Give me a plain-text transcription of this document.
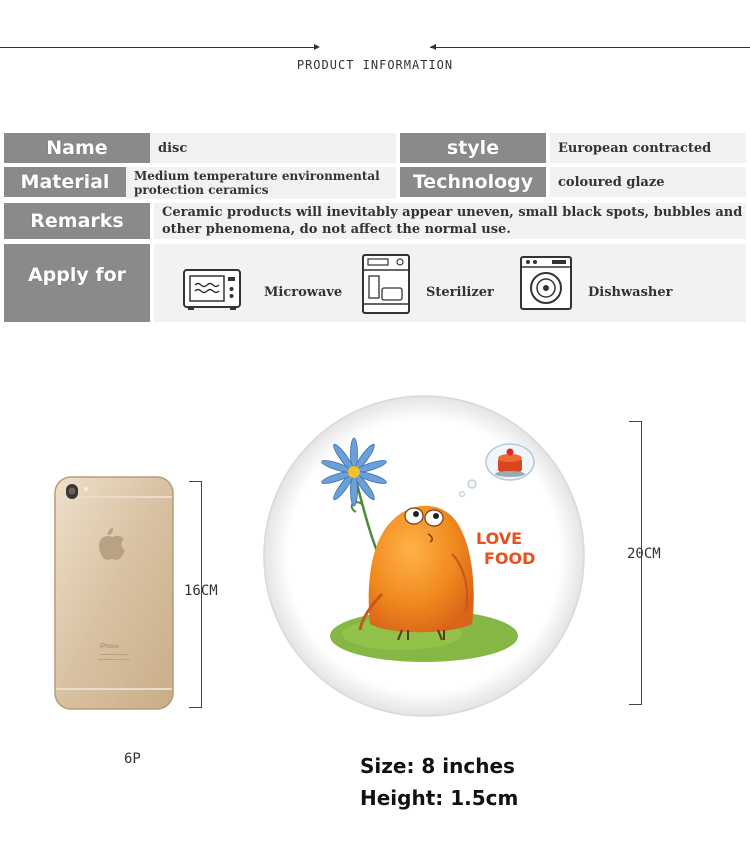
PRODUCT INFORMATION
Name	disc	style	European contracted
Material	Medium temperature environmental protection ceramics	Technology	coloured glaze
Remarks	Ceramic products will inevitably appear uneven, small black spots, bubbles and other phenomena, do not affect the normal use.
Apply for
Microwave	Sterilizer	Dishwasher
iPhone
16CM
6P
LOVE
FOOD	20CM
Size: 8 inches
Height: 1.5cm
